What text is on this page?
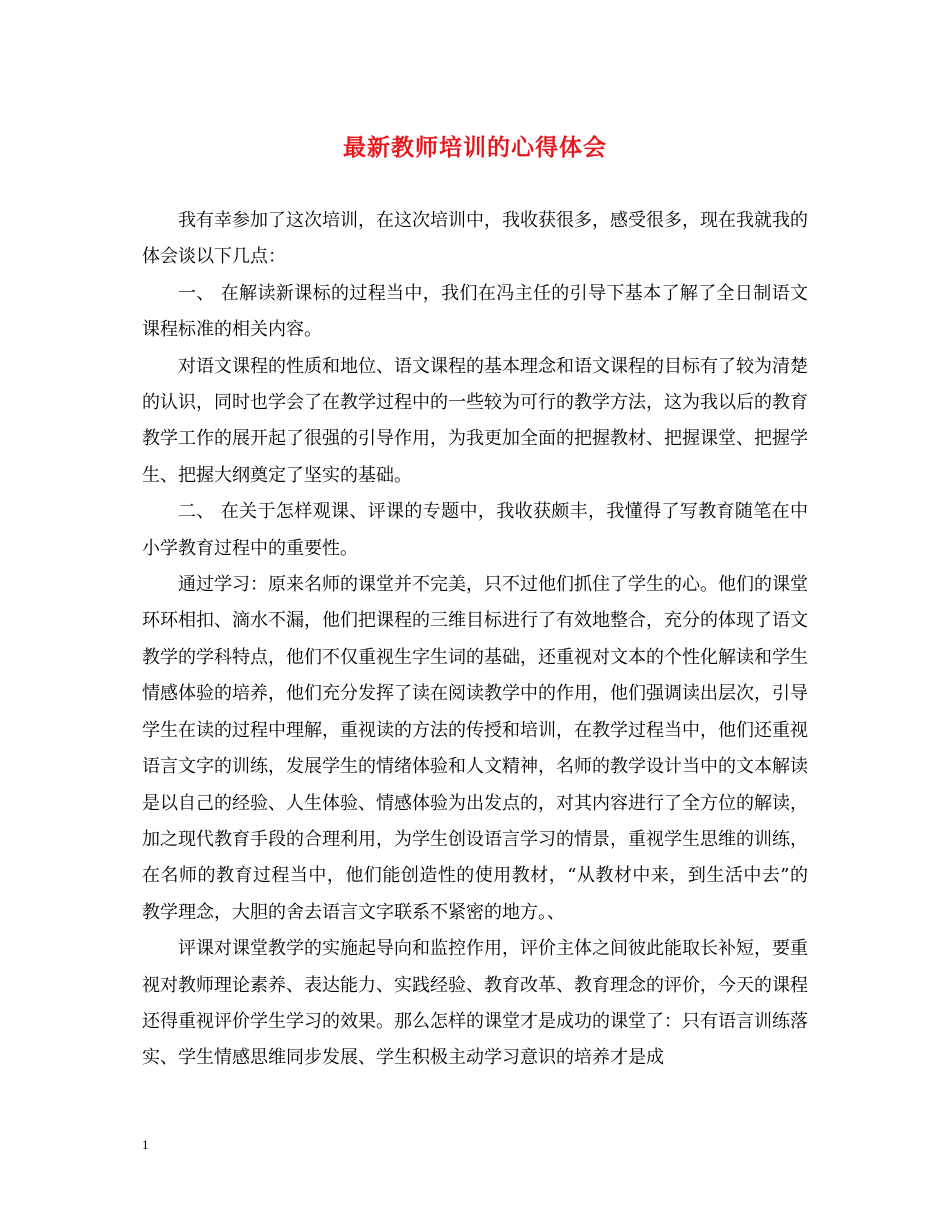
最新教师培训的心得体会

我有幸参加了这次培训，在这次培训中，我收获很多，感受很多，现在我就我的体会谈以下几点：

一、 在解读新课标的过程当中，我们在冯主任的引导下基本了解了全日制语文课程标准的相关内容。

对语文课程的性质和地位、语文课程的基本理念和语文课程的目标有了较为清楚的认识，同时也学会了在教学过程中的一些较为可行的教学方法，这为我以后的教育教学工作的展开起了很强的引导作用，为我更加全面的把握教材、把握课堂、把握学生、把握大纲奠定了坚实的基础。

二、 在关于怎样观课、评课的专题中，我收获颇丰，我懂得了写教育随笔在中小学教育过程中的重要性。

通过学习：原来名师的课堂并不完美，只不过他们抓住了学生的心。他们的课堂环环相扣、滴水不漏，他们把课程的三维目标进行了有效地整合，充分的体现了语文教学的学科特点，他们不仅重视生字生词的基础，还重视对文本的个性化解读和学生情感体验的培养，他们充分发挥了读在阅读教学中的作用，他们强调读出层次，引导学生在读的过程中理解，重视读的方法的传授和培训，在教学过程当中，他们还重视语言文字的训练，发展学生的情绪体验和人文精神，名师的教学设计当中的文本解读是以自己的经验、人生体验、情感体验为出发点的，对其内容进行了全方位的解读，加之现代教育手段的合理利用，为学生创设语言学习的情景，重视学生思维的训练，在名师的教育过程当中，他们能创造性的使用教材，“从教材中来，到生活中去”的教学理念，大胆的舍去语言文字联系不紧密的地方。、

评课对课堂教学的实施起导向和监控作用，评价主体之间彼此能取长补短，要重视对教师理论素养、表达能力、实践经验、教育改革、教育理念的评价，今天的课程还得重视评价学生学习的效果。那么怎样的课堂才是成功的课堂了：只有语言训练落实、学生情感思维同步发展、学生积极主动学习意识的培养才是成

1
